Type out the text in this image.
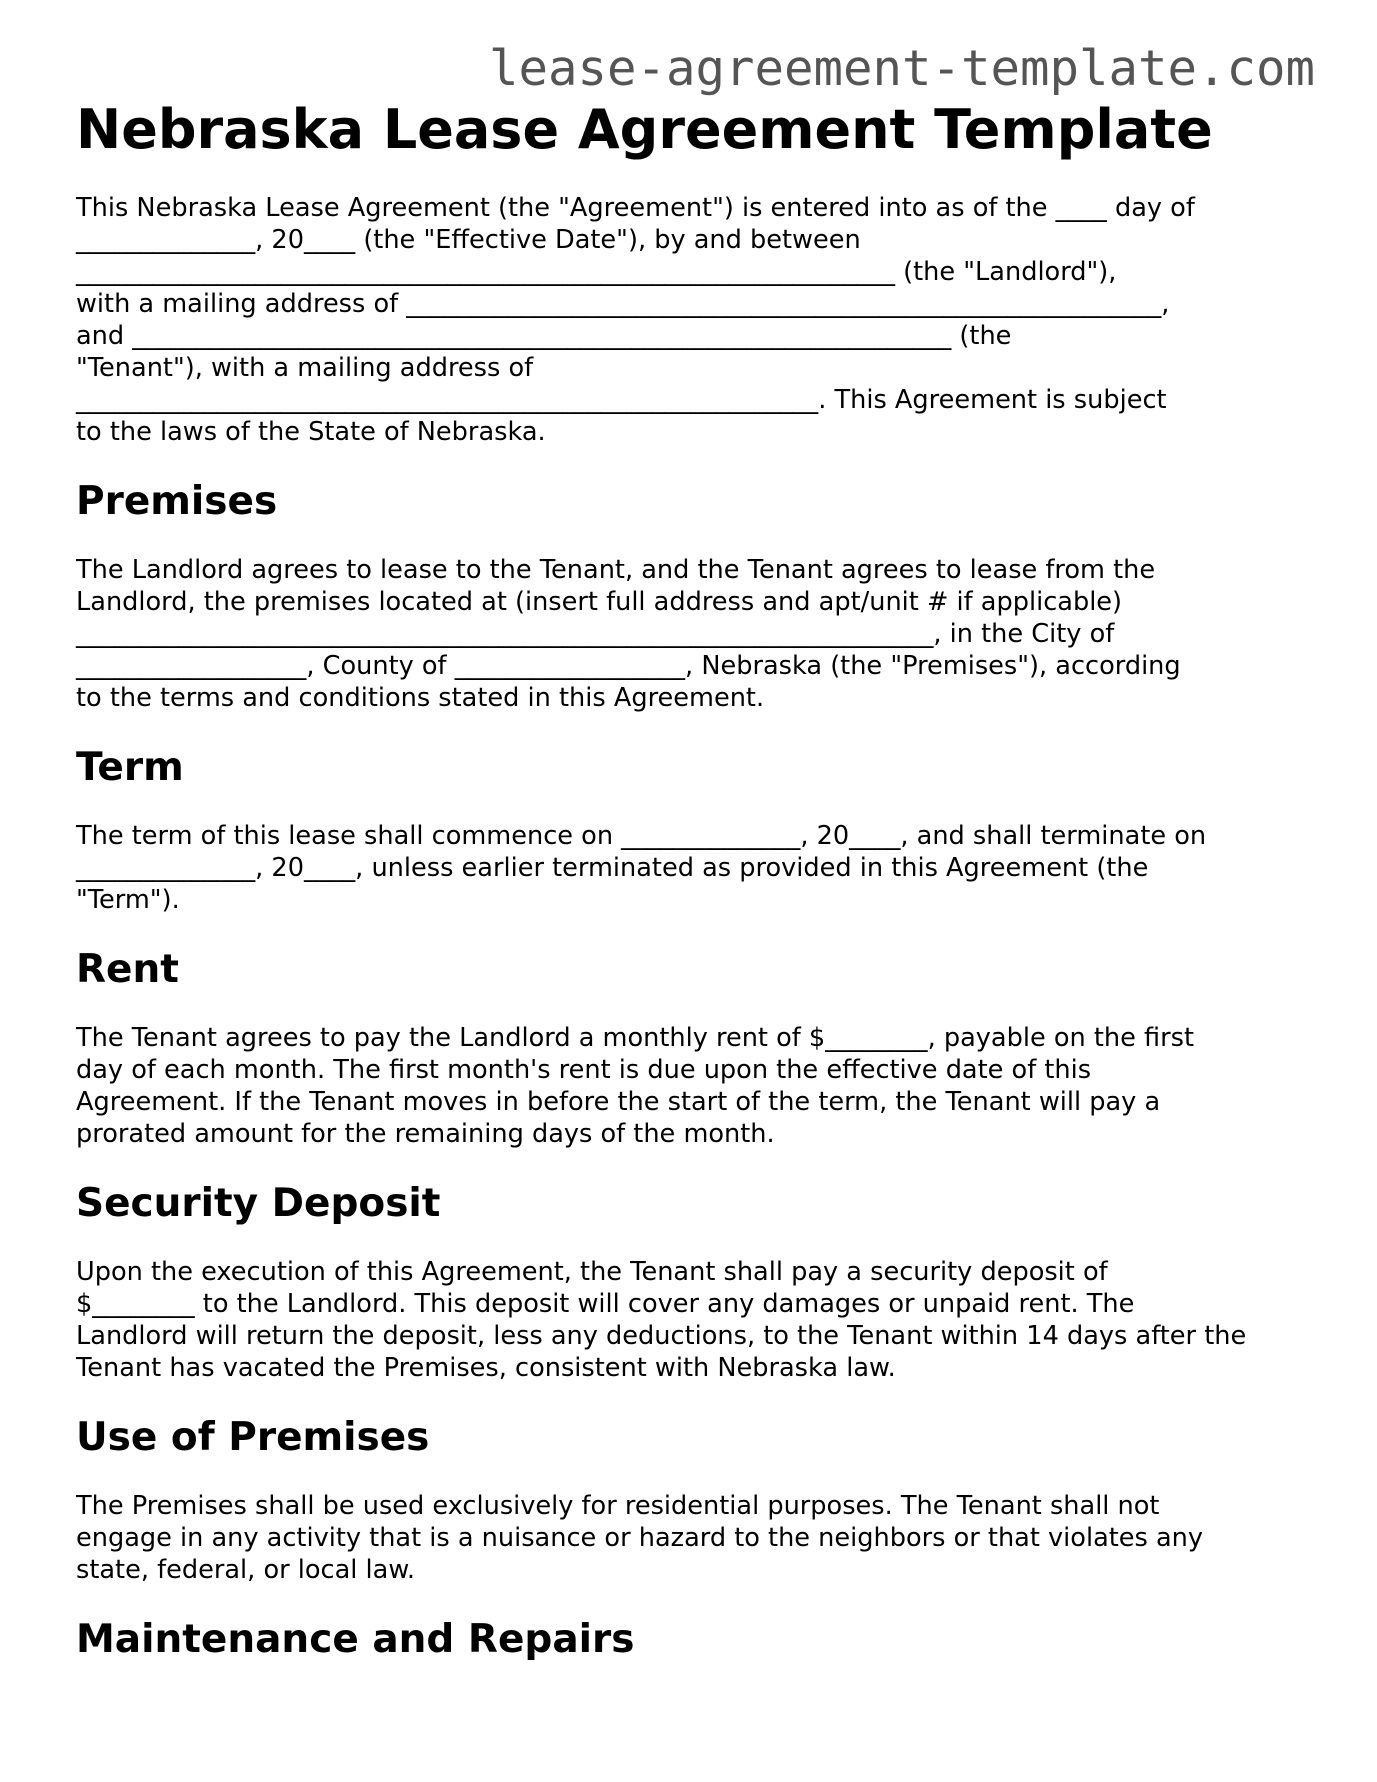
lease-agreement-template.com
Nebraska Lease Agreement Template

This Nebraska Lease Agreement (the "Agreement") is entered into as of the ____ day of
______________, 20____ (the "Effective Date"), by and between
________________________________________________________________ (the "Landlord"),
with a mailing address of ___________________________________________________________,
and ________________________________________________________________ (the
"Tenant"), with a mailing address of
__________________________________________________________. This Agreement is subject
to the laws of the State of Nebraska.

Premises

The Landlord agrees to lease to the Tenant, and the Tenant agrees to lease from the
Landlord, the premises located at (insert full address and apt/unit # if applicable)
___________________________________________________________________, in the City of
__________________, County of __________________, Nebraska (the "Premises"), according
to the terms and conditions stated in this Agreement.

Term

The term of this lease shall commence on ______________, 20____, and shall terminate on
______________, 20____, unless earlier terminated as provided in this Agreement (the
"Term").

Rent

The Tenant agrees to pay the Landlord a monthly rent of $________, payable on the first
day of each month. The first month's rent is due upon the effective date of this
Agreement. If the Tenant moves in before the start of the term, the Tenant will pay a
prorated amount for the remaining days of the month.

Security Deposit

Upon the execution of this Agreement, the Tenant shall pay a security deposit of
$________ to the Landlord. This deposit will cover any damages or unpaid rent. The
Landlord will return the deposit, less any deductions, to the Tenant within 14 days after the
Tenant has vacated the Premises, consistent with Nebraska law.

Use of Premises

The Premises shall be used exclusively for residential purposes. The Tenant shall not
engage in any activity that is a nuisance or hazard to the neighbors or that violates any
state, federal, or local law.

Maintenance and Repairs
